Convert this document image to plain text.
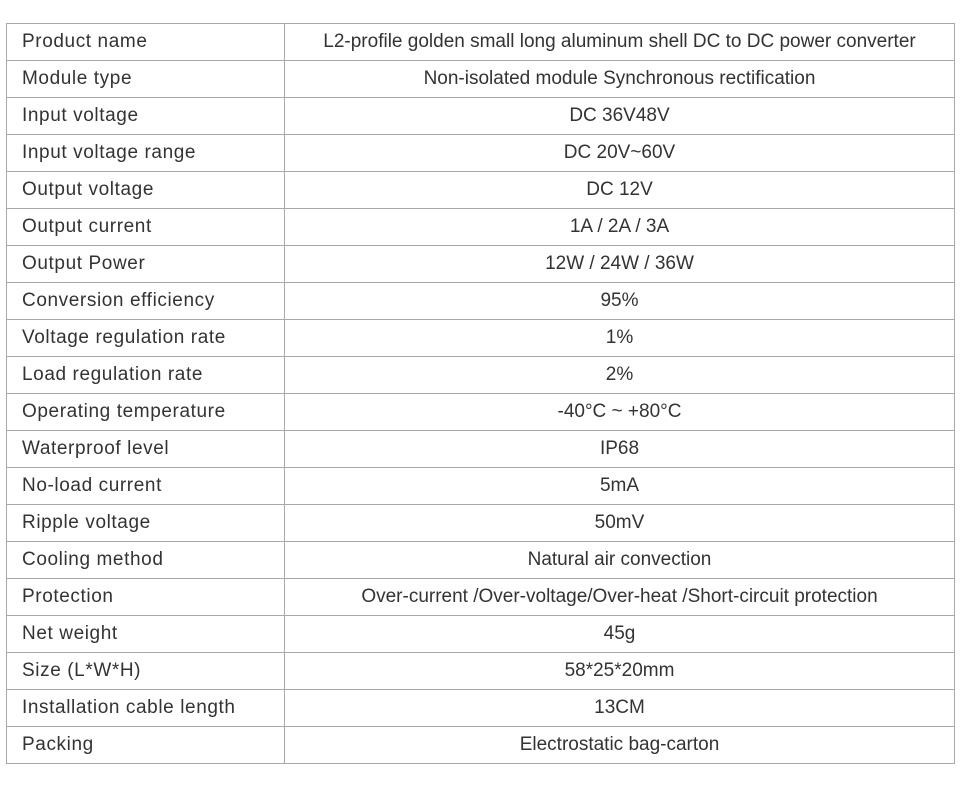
Product name	L2-profile golden small long aluminum shell DC to DC power converter
Module type	Non-isolated module Synchronous rectification
Input voltage	DC 36V48V
Input voltage range	DC 20V~60V
Output voltage	DC 12V
Output current	1A / 2A / 3A
Output Power	12W / 24W / 36W
Conversion efficiency	95%
Voltage regulation rate	1%
Load regulation rate	2%
Operating temperature	-40°C ~ +80°C
Waterproof level	IP68
No-load current	5mA
Ripple voltage	50mV
Cooling method	Natural air convection
Protection	Over-current /Over-voltage/Over-heat /Short-circuit protection
Net weight	45g
Size (L*W*H)	58*25*20mm
Installation cable length	13CM
Packing	Electrostatic bag-carton
